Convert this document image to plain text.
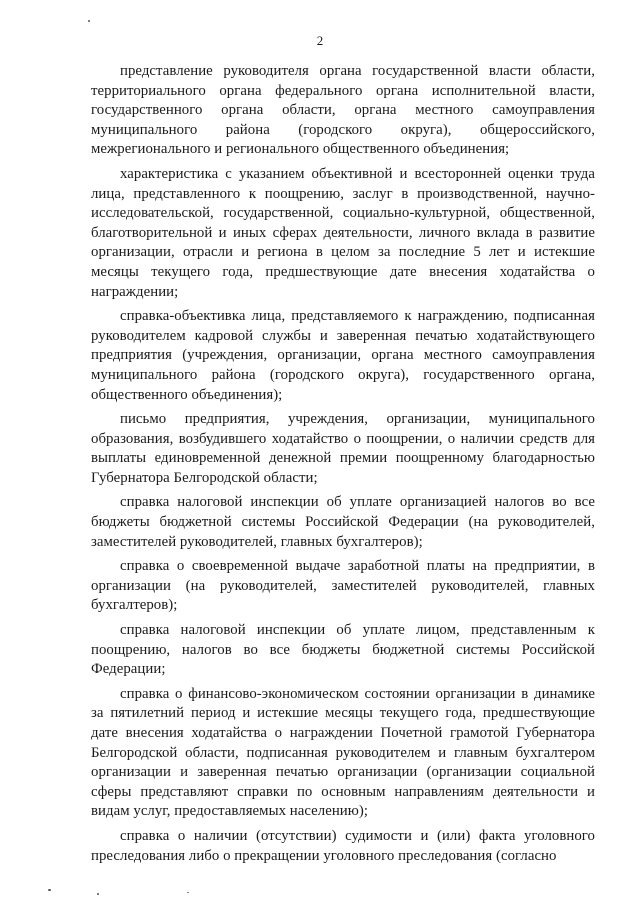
2

представление руководителя органа государственной власти области, территориального органа федерального органа исполнительной власти, государственного органа области, органа местного самоуправления муниципального района (городского округа), общероссийского, межрегионального и регионального общественного объединения;

характеристика с указанием объективной и всесторонней оценки труда лица, представленного к поощрению, заслуг в производственной, научно-исследовательской, государственной, социально-культурной, общественной, благотворительной и иных сферах деятельности, личного вклада в развитие организации, отрасли и региона в целом за последние 5 лет и истекшие месяцы текущего года, предшествующие дате внесения ходатайства о награждении;

справка-объективка лица, представляемого к награждению, подписанная руководителем кадровой службы и заверенная печатью ходатайствующего предприятия (учреждения, организации, органа местного самоуправления муниципального района (городского округа), государственного органа, общественного объединения);

письмо предприятия, учреждения, организации, муниципального образования, возбудившего ходатайство о поощрении, о наличии средств для выплаты единовременной денежной премии поощренному благодарностью Губернатора Белгородской области;

справка налоговой инспекции об уплате организацией налогов во все бюджеты бюджетной системы Российской Федерации (на руководителей, заместителей руководителей, главных бухгалтеров);

справка о своевременной выдаче заработной платы на предприятии, в организации (на руководителей, заместителей руководителей, главных бухгалтеров);

справка налоговой инспекции об уплате лицом, представленным к поощрению, налогов во все бюджеты бюджетной системы Российской Федерации;

справка о финансово-экономическом состоянии организации в динамике за пятилетний период и истекшие месяцы текущего года, предшествующие дате внесения ходатайства о награждении Почетной грамотой Губернатора Белгородской области, подписанная руководителем и главным бухгалтером организации и заверенная печатью организации (организации социальной сферы представляют справки по основным направлениям деятельности и видам услуг, предоставляемых населению);

справка о наличии (отсутствии) судимости и (или) факта уголовного преследования либо о прекращении уголовного преследования (согласно
